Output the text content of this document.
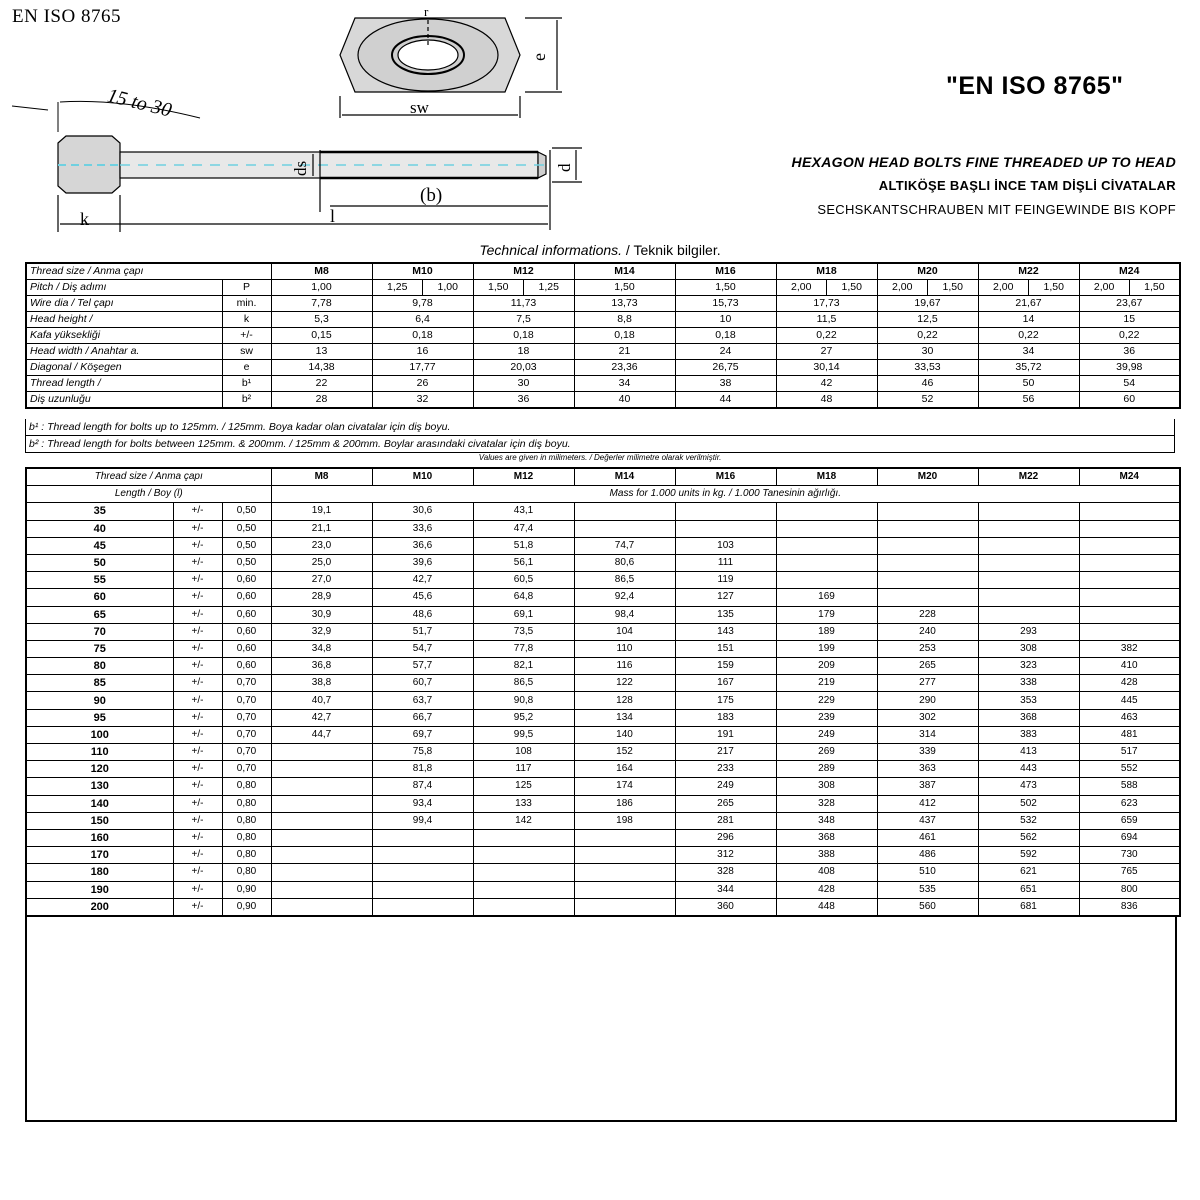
EN ISO 8765	r
sw
e
15 to 30
ds	d
(b)
k	l
"EN ISO 8765"
HEXAGON HEAD BOLTS FINE THREADED UP TO HEAD
ALTIKÖŞE BAŞLI İNCE TAM DİŞLİ CİVATALAR
SECHSKANTSCHRAUBEN MIT FEINGEWINDE BIS KOPF
Technical informations. / Teknik bilgiler.
Thread size / Anma çapı		M8	M10	M12	M14	M16	M18	M20	M22	M24
Pitch / Diş adımı	P	1,00	1,25 1,00	1,50 1,25	1,50	1,50	2,00 1,50	2,00 1,50	2,00 1,50	2,00 1,50

Wire dia / Tel çapı	min.	7,78	9,78	11,73	13,73	15,73	17,73	19,67	21,67	23,67
Head height /	k	5,3	6,4	7,5	8,8	10	11,5	12,5	14	15
Kafa yüksekliği	+/-	0,15	0,18	0,18	0,18	0,18	0,22	0,22	0,22	0,22
Head width / Anahtar a.	sw	13	16	18	21	24	27	30	34	36
Diagonal / Köşegen	e	14,38	17,77	20,03	23,36	26,75	30,14	33,53	35,72	39,98
Thread length /	b¹	22	26	30	34	38	42	46	50	54
Diş uzunluğu	b²	28	32	36	40	44	48	52	56	60
b¹ : Thread length for bolts up to 125mm. / 125mm. Boya kadar olan civatalar için diş boyu.
b² : Thread length for bolts between 125mm. & 200mm. / 125mm & 200mm. Boylar arasındaki civatalar için diş boyu.
Values are given in milimeters. / Değerler milimetre olarak verilmiştir.
Thread size / Anma çapı			M8	M10	M12	M14	M16	M18	M20	M22	M24
Length / Boy (l)			Mass for 1.000 units in kg. / 1.000 Tanesinin ağırlığı.								
35	+/-	0,50	19,1	30,6	43,1						
40	+/-	0,50	21,1	33,6	47,4						
45	+/-	0,50	23,0	36,6	51,8	74,7	103				
50	+/-	0,50	25,0	39,6	56,1	80,6	111				
55	+/-	0,60	27,0	42,7	60,5	86,5	119				
60	+/-	0,60	28,9	45,6	64,8	92,4	127	169			
65	+/-	0,60	30,9	48,6	69,1	98,4	135	179	228		
70	+/-	0,60	32,9	51,7	73,5	104	143	189	240	293	
75	+/-	0,60	34,8	54,7	77,8	110	151	199	253	308	382
80	+/-	0,60	36,8	57,7	82,1	116	159	209	265	323	410
85	+/-	0,70	38,8	60,7	86,5	122	167	219	277	338	428
90	+/-	0,70	40,7	63,7	90,8	128	175	229	290	353	445
95	+/-	0,70	42,7	66,7	95,2	134	183	239	302	368	463
100	+/-	0,70	44,7	69,7	99,5	140	191	249	314	383	481
110	+/-	0,70		75,8	108	152	217	269	339	413	517
120	+/-	0,70		81,8	117	164	233	289	363	443	552
130	+/-	0,80		87,4	125	174	249	308	387	473	588
140	+/-	0,80		93,4	133	186	265	328	412	502	623
150	+/-	0,80		99,4	142	198	281	348	437	532	659
160	+/-	0,80					296	368	461	562	694
170	+/-	0,80					312	388	486	592	730
180	+/-	0,80					328	408	510	621	765
190	+/-	0,90					344	428	535	651	800
200	+/-	0,90					360	448	560	681	836
